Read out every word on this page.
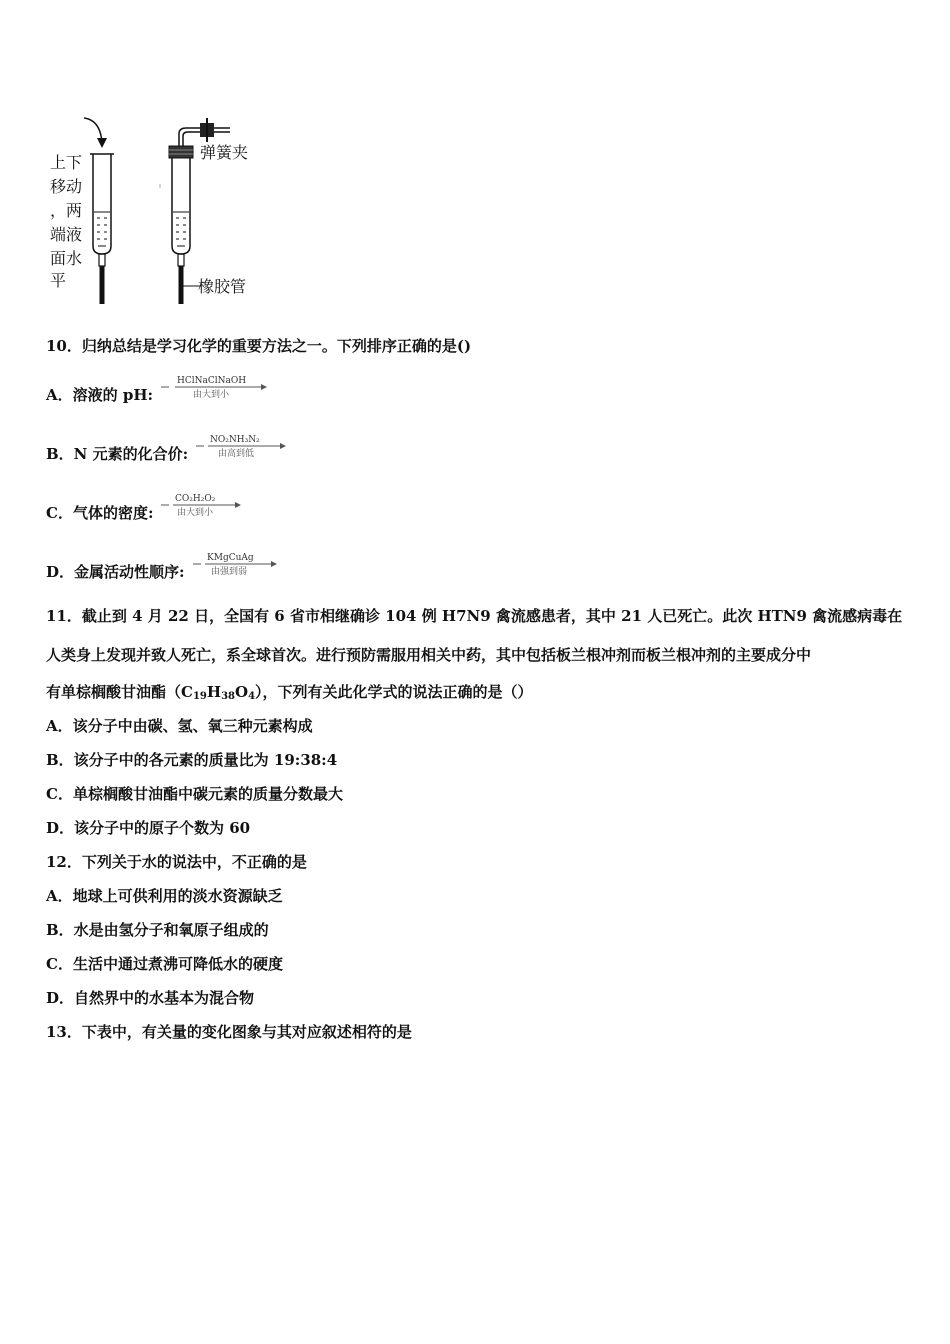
上下
移动
，两
端液
面水
平
弹簧夹
橡胶管
10．归纳总结是学习化学的重要方法之一。下列排序正确的是()
A．溶液的 pH:
HClNaClNaOH
由大到小
B．N 元素的化合价:
NO₂NH₃N₂
由高到低
C．气体的密度:
CO₂H₂O₂
由大到小
D．金属活动性顺序:
KMgCuAg
由强到弱
11．截止到 4 月 22 日，全国有 6 省市相继确诊 104 例 H7N9 禽流感患者，其中 21 人已死亡。此次 HTN9 禽流感病毒在
人类身上发现并致人死亡，系全球首次。进行预防需服用相关中药，其中包括板兰根冲剂而板兰根冲剂的主要成分中
有单棕榈酸甘油酯$(C_{19}H_{38}O_4)$，下列有关此化学式的说法正确的是（）
A．该分子中由碳、氢、氧三种元素构成
B．该分子中的各元素的质量比为 19:38:4
C．单棕榈酸甘油酯中碳元素的质量分数最大
D．该分子中的原子个数为 60
12．下列关于水的说法中，不正确的是
A．地球上可供利用的淡水资源缺乏
B．水是由氢分子和氧原子组成的
C．生活中通过煮沸可降低水的硬度
D．自然界中的水基本为混合物
13．下表中，有关量的变化图象与其对应叙述相符的是
